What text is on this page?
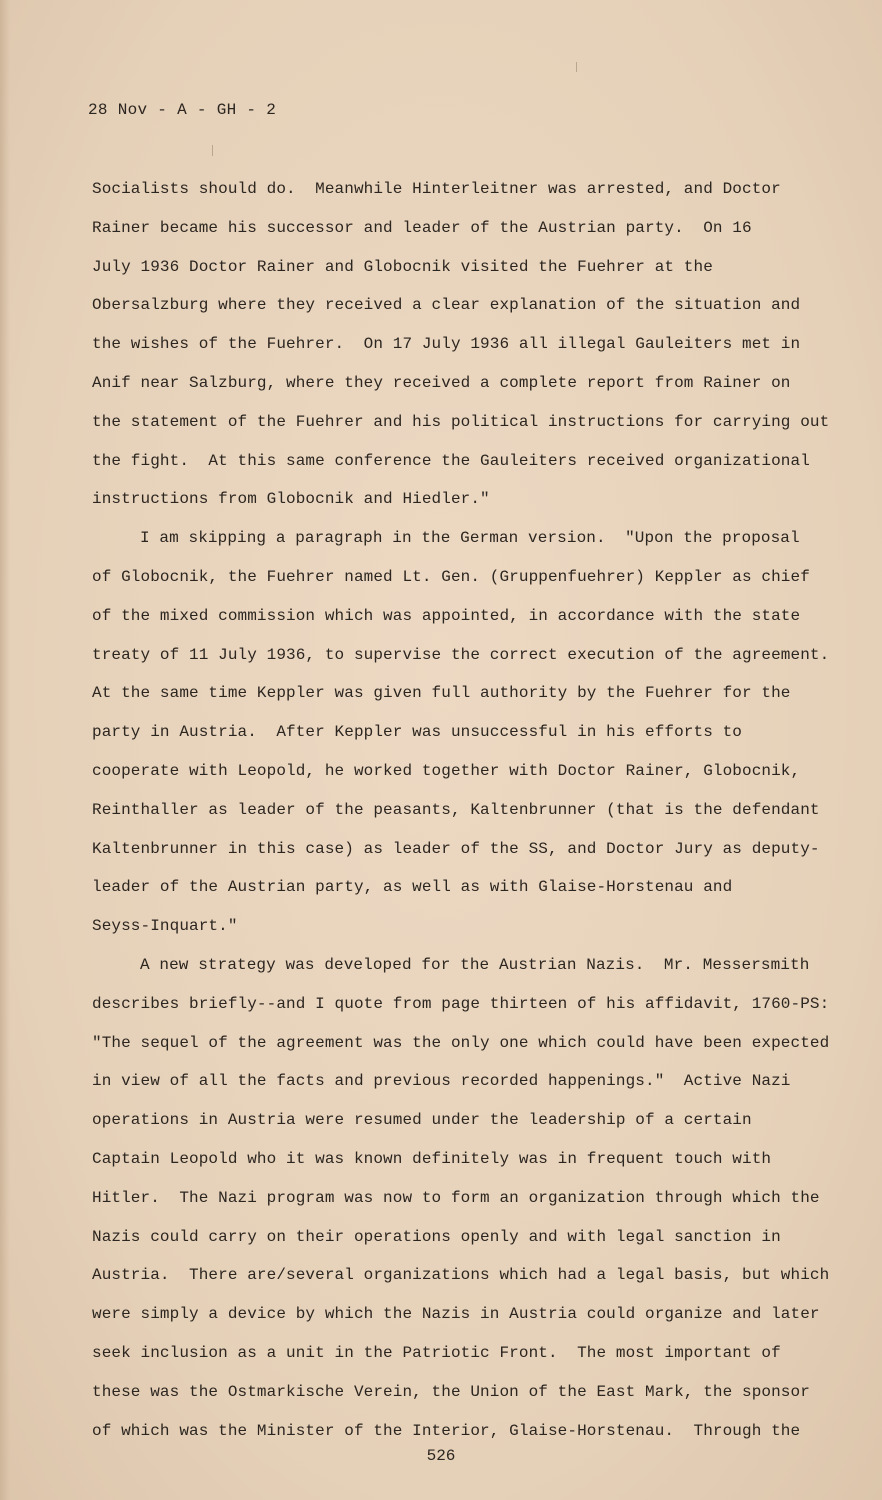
28 Nov - A - GH - 2
Socialists should do.  Meanwhile Hinterleitner was arrested, and Doctor
Rainer became his successor and leader of the Austrian party.  On 16
July 1936 Doctor Rainer and Globocnik visited the Fuehrer at the
Obersalzburg where they received a clear explanation of the situation and
the wishes of the Fuehrer.  On 17 July 1936 all illegal Gauleiters met in
Anif near Salzburg, where they received a complete report from Rainer on
the statement of the Fuehrer and his political instructions for carrying out
the fight.  At this same conference the Gauleiters received organizational
instructions from Globocnik and Hiedler."
I am skipping a paragraph in the German version.  "Upon the proposal
of Globocnik, the Fuehrer named Lt. Gen. (Gruppenfuehrer) Keppler as chief
of the mixed commission which was appointed, in accordance with the state
treaty of 11 July 1936, to supervise the correct execution of the agreement.
At the same time Keppler was given full authority by the Fuehrer for the
party in Austria.  After Keppler was unsuccessful in his efforts to
cooperate with Leopold, he worked together with Doctor Rainer, Globocnik,
Reinthaller as leader of the peasants, Kaltenbrunner (that is the defendant
Kaltenbrunner in this case) as leader of the SS, and Doctor Jury as deputy-
leader of the Austrian party, as well as with Glaise-Horstenau and
Seyss-Inquart."
A new strategy was developed for the Austrian Nazis.  Mr. Messersmith
describes briefly--and I quote from page thirteen of his affidavit, 1760-PS:
"The sequel of the agreement was the only one which could have been expected
in view of all the facts and previous recorded happenings."  Active Nazi
operations in Austria were resumed under the leadership of a certain
Captain Leopold who it was known definitely was in frequent touch with
Hitler.  The Nazi program was now to form an organization through which the
Nazis could carry on their operations openly and with legal sanction in
Austria.  There are/several organizations which had a legal basis, but which
were simply a device by which the Nazis in Austria could organize and later
seek inclusion as a unit in the Patriotic Front.  The most important of
these was the Ostmarkische Verein, the Union of the East Mark, the sponsor
of which was the Minister of the Interior, Glaise-Horstenau.  Through the
526
